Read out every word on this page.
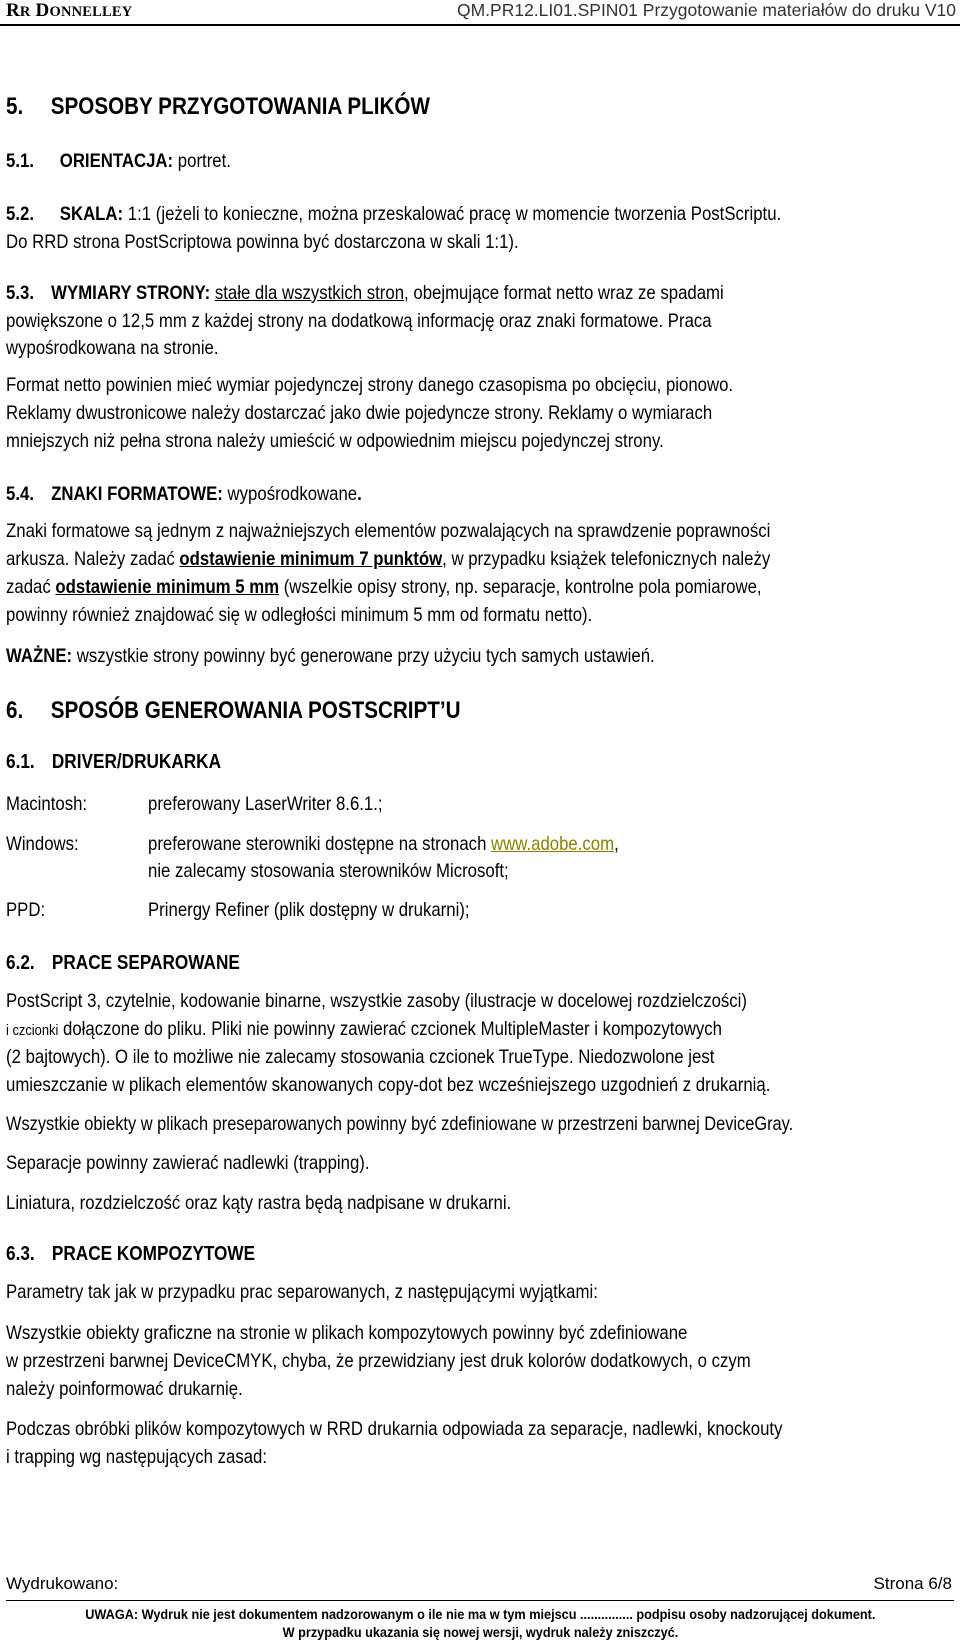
RR DONNELLEY	QM.PR12.LI01.SPIN01 Przygotowanie materiałów do druku V10
5. SPOSOBY PRZYGOTOWANIA PLIKÓW
5.1. ORIENTACJA: portret.
5.2. SKALA: 1:1 (jeżeli to konieczne, można przeskalować pracę w momencie tworzenia PostScriptu.
Do RRD strona PostScriptowa powinna być dostarczona w skali 1:1).
5.3. WYMIARY STRONY: stałe dla wszystkich stron, obejmujące format netto wraz ze spadami
powiększone o 12,5 mm z każdej strony na dodatkową informację oraz znaki formatowe. Praca
wypośrodkowana na stronie.
Format netto powinien mieć wymiar pojedynczej strony danego czasopisma po obcięciu, pionowo.
Reklamy dwustronicowe należy dostarczać jako dwie pojedyncze strony. Reklamy o wymiarach
mniejszych niż pełna strona należy umieścić w odpowiednim miejscu pojedynczej strony.
5.4. ZNAKI FORMATOWE: wypośrodkowane.
Znaki formatowe są jednym z najważniejszych elementów pozwalających na sprawdzenie poprawności
arkusza. Należy zadać odstawienie minimum 7 punktów, w przypadku książek telefonicznych należy
zadać odstawienie minimum 5 mm (wszelkie opisy strony, np. separacje, kontrolne pola pomiarowe,
powinny również znajdować się w odległości minimum 5 mm od formatu netto).
WAŻNE: wszystkie strony powinny być generowane przy użyciu tych samych ustawień.
6. SPOSÓB GENEROWANIA POSTSCRIPT’U
6.1. DRIVER/DRUKARKA
Macintosh:	preferowany LaserWriter 8.6.1.;
Windows:	preferowane sterowniki dostępne na stronach www.adobe.com,
nie zalecamy stosowania sterowników Microsoft;
PPD:	Prinergy Refiner (plik dostępny w drukarni);
6.2. PRACE SEPAROWANE
PostScript 3, czytelnie, kodowanie binarne, wszystkie zasoby (ilustracje w docelowej rozdzielczości)
i czcionki dołączone do pliku. Pliki nie powinny zawierać czcionek MultipleMaster i kompozytowych
(2 bajtowych). O ile to możliwe nie zalecamy stosowania czcionek TrueType. Niedozwolone jest
umieszczanie w plikach elementów skanowanych copy-dot bez wcześniejszego uzgodnień z drukarnią.
Wszystkie obiekty w plikach preseparowanych powinny być zdefiniowane w przestrzeni barwnej DeviceGray.
Separacje powinny zawierać nadlewki (trapping).
Liniatura, rozdzielczość oraz kąty rastra będą nadpisane w drukarni.
6.3. PRACE KOMPOZYTOWE
Parametry tak jak w przypadku prac separowanych, z następującymi wyjątkami:
Wszystkie obiekty graficzne na stronie w plikach kompozytowych powinny być zdefiniowane
w przestrzeni barwnej DeviceCMYK, chyba, że przewidziany jest druk kolorów dodatkowych, o czym
należy poinformować drukarnię.
Podczas obróbki plików kompozytowych w RRD drukarnia odpowiada za separacje, nadlewki, knockouty
i trapping wg następujących zasad:
Wydrukowano:	Strona 6/8
UWAGA: Wydruk nie jest dokumentem nadzorowanym o ile nie ma w tym miejscu ............... podpisu osoby nadzorującej dokument.
W przypadku ukazania się nowej wersji, wydruk należy zniszczyć.
